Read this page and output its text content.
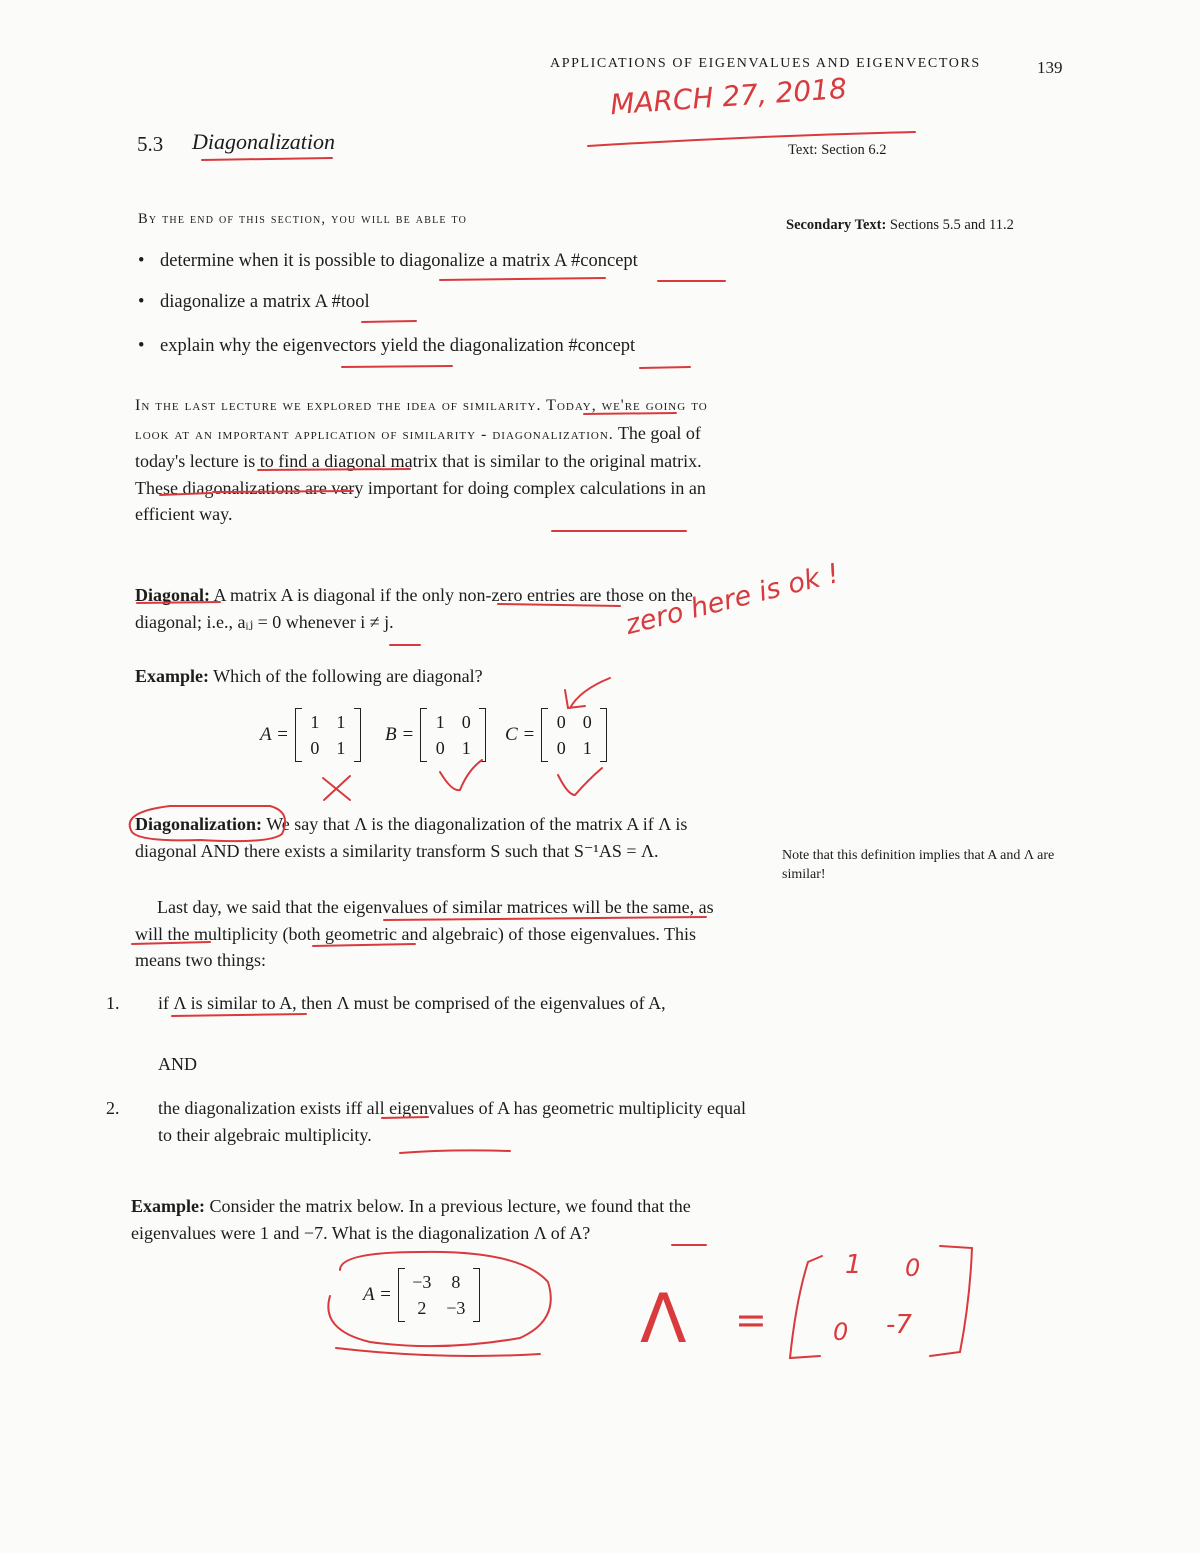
APPLICATIONS OF EIGENVALUES AND EIGENVECTORS	139
5.3 Diagonalization	Text: Section 6.2
Secondary Text: Sections 5.5 and 11.2
By the end of this section, you will be able to
• determine when it is possible to diagonalize a matrix A #concept
• diagonalize a matrix A #tool
• explain why the eigenvectors yield the diagonalization #concept
In the last lecture we explored the idea of similarity. Today, we're going to look at an important application of similarity - diagonalization. The goal of today's lecture is to find a diagonal matrix that is similar to the original matrix. These diagonalizations are very important for doing complex calculations in an efficient way.
Diagonal: A matrix A is diagonal if the only non-zero entries are those on the diagonal; i.e., aᵢⱼ = 0 whenever i ≠ j.
Example: Which of the following are diagonal?
A =
1 1
0 1
B =
1 0
0 1
C =
0 0
0 1
Diagonalization: We say that Λ is the diagonalization of the matrix A if Λ is diagonal AND there exists a similarity transform S such that S⁻¹AS = Λ.	Note that this definition implies that A and Λ are similar!
Last day, we said that the eigenvalues of similar matrices will be the same, as will the multiplicity (both geometric and algebraic) of those eigenvalues. This means two things:
1. if Λ is similar to A, then Λ must be comprised of the eigenvalues of A,
AND
2. the diagonalization exists iff all eigenvalues of A has geometric multiplicity equal to their algebraic multiplicity.
Example: Consider the matrix below. In a previous lecture, we found that the eigenvalues were 1 and −7. What is the diagonalization Λ of A?
A =
−3	8
2	−3
MARCH 27, 2018
zero here is ok !
Λ =
1 0
0 -7
